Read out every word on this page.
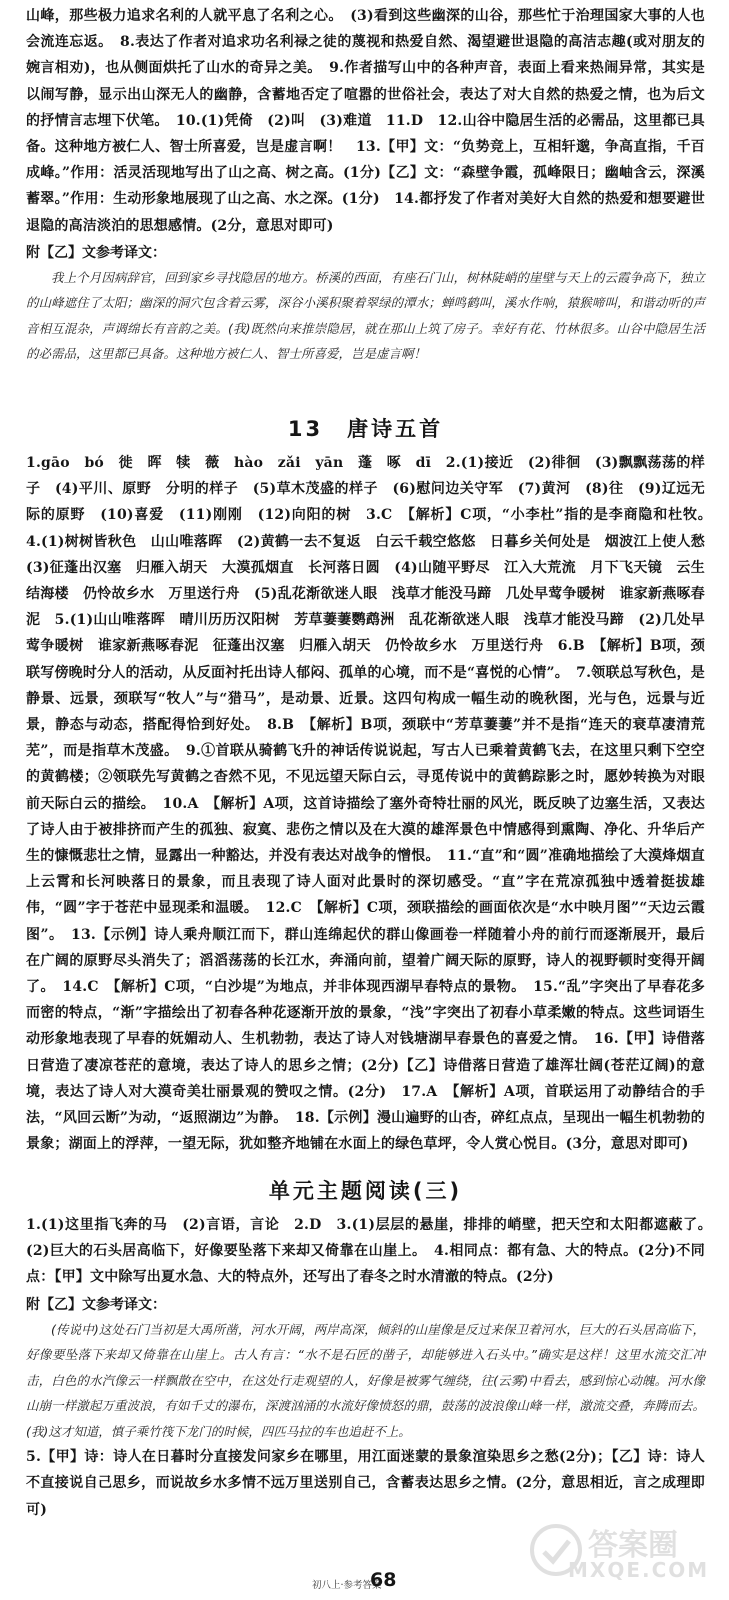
山峰，那些极力追求名利的人就平息了名利之心。　(3)看到这些幽深的山谷，那些忙于治理国家大事的人也会流连忘返。　8.表达了作者对追求功名利禄之徒的蔑视和热爱自然、渴望避世退隐的高洁志趣(或对朋友的婉言相劝)，也从侧面烘托了山水的奇异之美。　9.作者描写山中的各种声音，表面上看来热闹异常，其实是以闹写静，显示出山深无人的幽静，含蓄地否定了喧嚣的世俗社会，表达了对大自然的热爱之情，也为后文的抒情言志埋下伏笔。　10.(1)凭倚　(2)叫　(3)难道　11.D　12.山谷中隐居生活的必需品，这里都已具备。这种地方被仁人、智士所喜爱，岂是虚言啊！　13.【甲】文：“负势竞上，互相轩邈，争高直指，千百成峰。”作用：活灵活现地写出了山之高、树之高。(1分)【乙】文：“森壁争霞，孤峰限日；幽岫含云，深溪蓄翠。”作用：生动形象地展现了山之高、水之深。(1分)　14.都抒发了作者对美好大自然的热爱和想要避世退隐的高洁淡泊的思想感情。(2分，意思对即可)

附【乙】文参考译文：

我上个月因病辞官，回到家乡寻找隐居的地方。桥溪的西面，有座石门山，树林陡峭的崖壁与天上的云霞争高下，独立的山峰遮住了太阳；幽深的洞穴包含着云雾，深谷小溪积聚着翠绿的潭水；蝉鸣鹤叫，溪水作响，猿猴啼叫，和谐动听的声音相互混杂，声调绵长有音韵之美。(我)既然向来推崇隐居，就在那山上筑了房子。幸好有花、竹林很多。山谷中隐居生活的必需品，这里都已具备。这种地方被仁人、智士所喜爱，岂是虚言啊！

13　唐诗五首

1.gāo　bó　徙　晖　犊　薇　hào　zǎi　yān　蓬　啄　dī　2.(1)接近　(2)徘徊　(3)飘飘荡荡的样子　(4)平川、原野　分明的样子　(5)草木茂盛的样子　(6)慰问边关守军　(7)黄河　(8)往　(9)辽远无际的原野　(10)喜爱　(11)刚刚　(12)向阳的树　3.C　【解析】C项，“小李杜”指的是李商隐和杜牧。　4.(1)树树皆秋色　山山唯落晖　(2)黄鹤一去不复返　白云千载空悠悠　日暮乡关何处是　烟波江上使人愁　(3)征蓬出汉塞　归雁入胡天　大漠孤烟直　长河落日圆　(4)山随平野尽　江入大荒流　月下飞天镜　云生结海楼　仍怜故乡水　万里送行舟　(5)乱花渐欲迷人眼　浅草才能没马蹄　几处早莺争暖树　谁家新燕啄春泥　5.(1)山山唯落晖　晴川历历汉阳树　芳草萋萋鹦鹉洲　乱花渐欲迷人眼　浅草才能没马蹄　(2)几处早莺争暖树　谁家新燕啄春泥　征蓬出汉塞　归雁入胡天　仍怜故乡水　万里送行舟　6.B　【解析】B项，颈联写傍晚时分人的活动，从反面衬托出诗人郁闷、孤单的心境，而不是“喜悦的心情”。　7.领联总写秋色，是静景、远景，颈联写“牧人”与“猎马”，是动景、近景。这四句构成一幅生动的晚秋图，光与色，远景与近景，静态与动态，搭配得恰到好处。　8.B　【解析】B项，颈联中“芳草萋萋”并不是指“连天的衰草凄清荒芜”，而是指草木茂盛。　9.①首联从骑鹤飞升的神话传说说起，写古人已乘着黄鹤飞去，在这里只剩下空空的黄鹤楼；②领联先写黄鹤之杳然不见，不见远望天际白云，寻觅传说中的黄鹤踪影之时，愿妙转换为对眼前天际白云的描绘。　10.A　【解析】A项，这首诗描绘了塞外奇特壮丽的风光，既反映了边塞生活，又表达了诗人由于被排挤而产生的孤独、寂寞、悲伤之情以及在大漠的雄浑景色中情感得到熏陶、净化、升华后产生的慷慨悲壮之情，显露出一种豁达，并没有表达对战争的憎恨。　11.“直”和“圆”准确地描绘了大漠烽烟直上云霄和长河映落日的景象，而且表现了诗人面对此景时的深切感受。“直”字在荒凉孤独中透着挺拔雄伟，“圆”字于苍茫中显现柔和温暖。　12.C　【解析】C项，颈联描绘的画面依次是“水中映月图”“天边云霞图”。　13.【示例】诗人乘舟顺江而下，群山连绵起伏的群山像画卷一样随着小舟的前行而逐渐展开，最后在广阔的原野尽头消失了；滔滔荡荡的长江水，奔涌向前，望着广阔天际的原野，诗人的视野顿时变得开阔了。　14.C　【解析】C项，“白沙堤”为地点，并非体现西湖早春特点的景物。　15.“乱”字突出了早春花多而密的特点，“渐”字描绘出了初春各种花逐渐开放的景象，“浅”字突出了初春小草柔嫩的特点。这些词语生动形象地表现了早春的妩媚动人、生机勃勃，表达了诗人对钱塘湖早春景色的喜爱之情。　16.【甲】诗借落日营造了凄凉苍茫的意境，表达了诗人的思乡之情；(2分)【乙】诗借落日营造了雄浑壮阔(苍茫辽阔)的意境，表达了诗人对大漠奇美壮丽景观的赞叹之情。(2分)　17.A　【解析】A项，首联运用了动静结合的手法，“风回云断”为动，“返照湖边”为静。　18.【示例】漫山遍野的山杏，碎红点点，呈现出一幅生机勃勃的景象；湖面上的浮萍，一望无际，犹如整齐地铺在水面上的绿色草坪，令人赏心悦目。(3分，意思对即可)

单元主题阅读(三)

1.(1)这里指飞奔的马　(2)言语，言论　2.D　3.(1)层层的悬崖，排排的峭壁，把天空和太阳都遮蔽了。　(2)巨大的石头居高临下，好像要坠落下来却又倚靠在山崖上。　4.相同点：都有急、大的特点。(2分)不同点：【甲】文中除写出夏水急、大的特点外，还写出了春冬之时水清澈的特点。(2分)

附【乙】文参考译文：

(传说中)这处石门当初是大禹所凿，河水开阔，两岸高深，倾斜的山崖像是反过来保卫着河水，巨大的石头居高临下，好像要坠落下来却又倚靠在山崖上。古人有言：“水不是石匠的凿子，却能够进入石头中。”确实是这样！这里水流交汇冲击，白色的水汽像云一样飘散在空中，在这处行走观望的人，好像是被雾气缠绕，往(云雾)中看去，感到惊心动魄。河水像山崩一样激起万重波浪，有如千丈的瀑布，深渡汹涌的水流好像愤怒的鼎，鼓荡的波浪像山峰一样，激流交叠，奔腾而去。(我)这才知道，慎子乘竹筏下龙门的时候，四匹马拉的车也追赶不上。

5.【甲】诗：诗人在日暮时分直接发问家乡在哪里，用江面迷蒙的景象渲染思乡之愁(2分)；【乙】诗：诗人不直接说自己思乡，而说故乡水多情不远万里送别自己，含蓄表达思乡之情。(2分，意思相近，言之成理即可)

初八上·参考答案
68
答案圈
MXQE.COM
